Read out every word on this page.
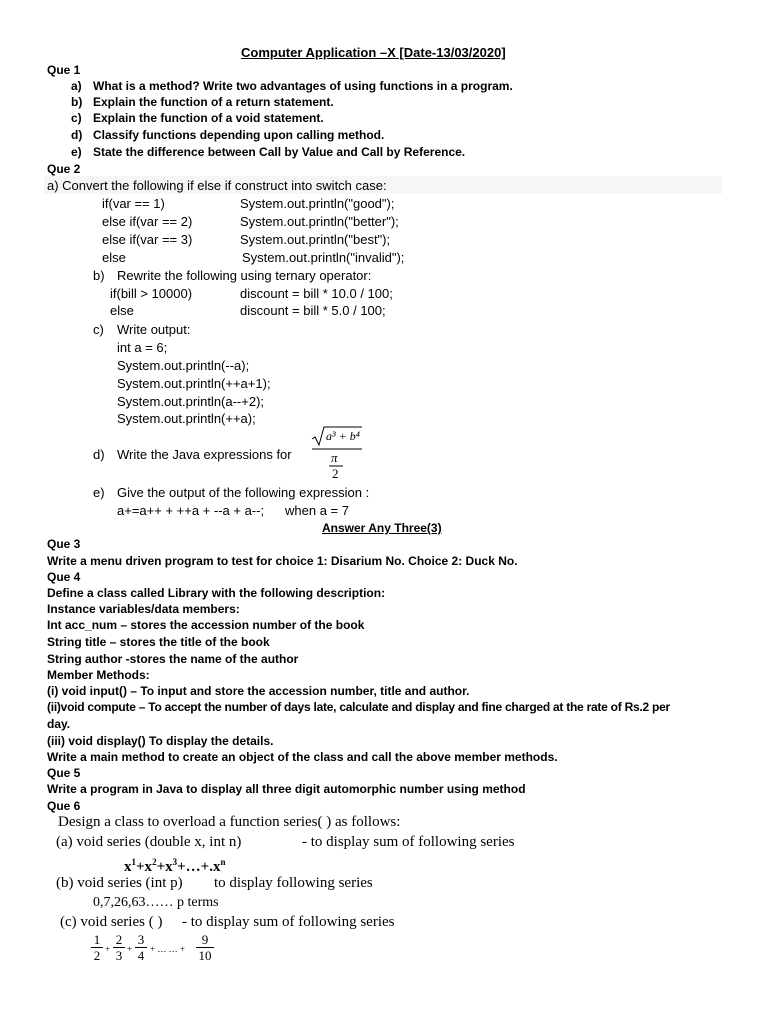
Computer Application –X [Date-13/03/2020]
Que 1
a) What is a method? Write two advantages of using functions in a program.
b) Explain the function of a return statement.
c) Explain the function of a void statement.
d) Classify functions depending upon calling method.
e) State the difference between Call by Value and Call by Reference.
Que 2
a) Convert the following if else if construct into switch case:
if(var == 1)	System.out.println("good");
else if(var == 2)	System.out.println("better");
else if(var == 3)	System.out.println("best");
else	System.out.println("invalid");
b) Rewrite the following using ternary operator:
if(bill > 10000)	discount = bill * 10.0 / 100;
else	discount = bill * 5.0 / 100;
c) Write output:
int a = 6;
System.out.println(--a);
System.out.println(++a+1);
System.out.println(a--+2);
System.out.println(++a);
d) Write the Java expressions for
a³ + b⁴
π
2
e) Give the output of the following expression :
a+=a++ + ++a + --a + a--; when a = 7
Answer Any Three(3)
Que 3
Write a menu driven program to test for choice 1: Disarium No. Choice 2: Duck No.
Que 4
Define a class called Library with the following description:
Instance variables/data members:
Int acc_num – stores the accession number of the book
String title – stores the title of the book
String author -stores the name of the author
Member Methods:
(i) void input() – To input and store the accession number, title and author.
(ii)void compute – To accept the number of days late, calculate and display and fine charged at the rate of Rs.2 per
day.
(iii) void display() To display the details.
Write a main method to create an object of the class and call the above member methods.
Que 5
Write a program in Java to display all three digit automorphic number using method
Que 6
Design a class to overload a function series( ) as follows:
(a) void series (double x, int n)	- to display sum of following series
$x^1+x^2+x^3+\dots+.x^n$
(b) void series (int p) to display following series
0,7,26,63…… p terms
(c) void series ( ) - to display sum of following series
1
2 +
2
3 +
3
4 + … … +
9
10
